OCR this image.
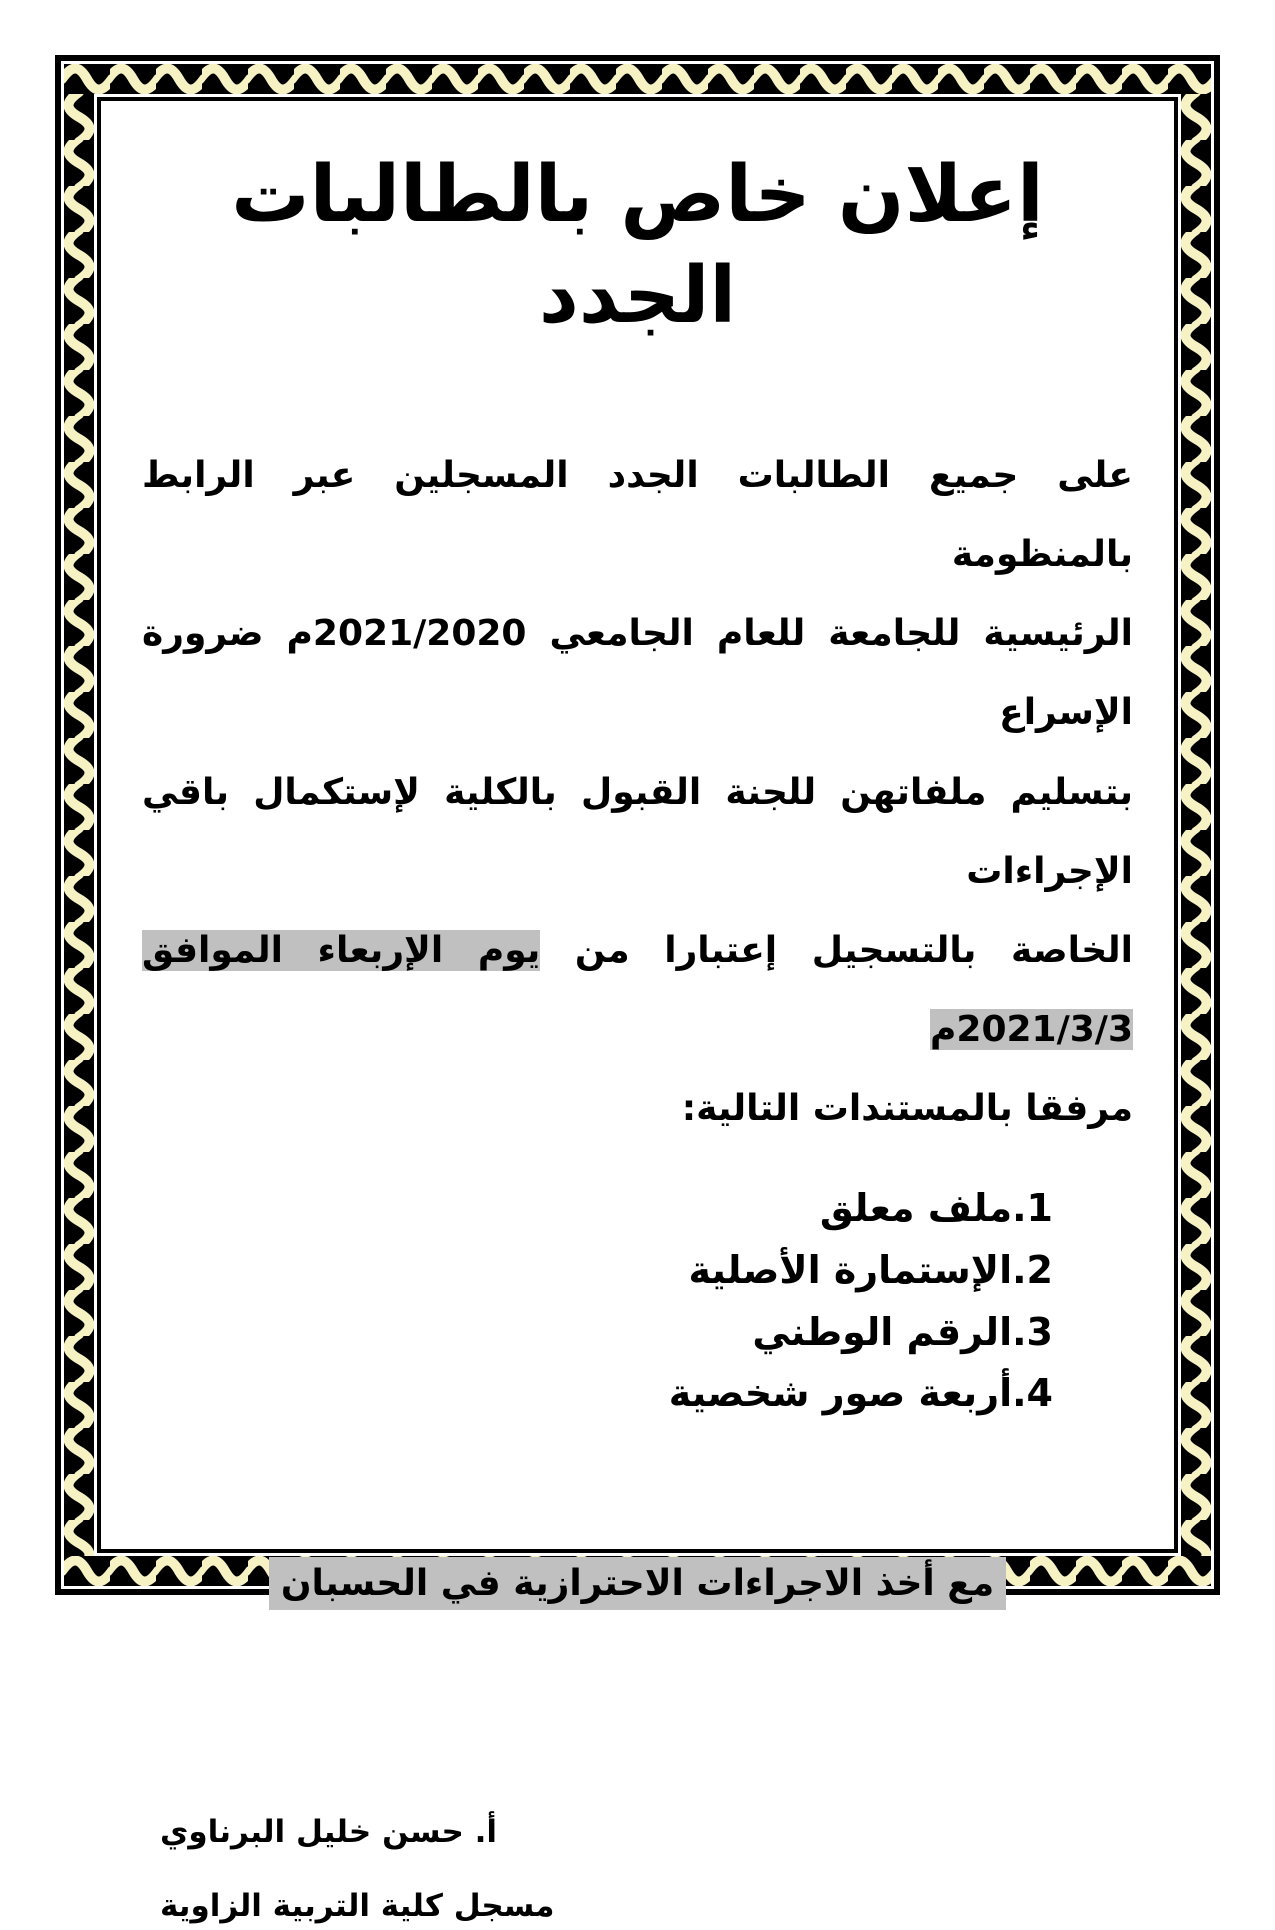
إعلان خاص بالطالبات الجدد
على جميع الطالبات الجدد المسجلين عبر الرابط بالمنظومة
الرئيسية للجامعة للعام الجامعي 2021/2020م ضرورة الإسراع
بتسليم ملفاتهن للجنة القبول بالكلية لإستكمال باقي الإجراءات
الخاصة بالتسجيل إعتبارا من يوم الإربعاء الموافق 2021/3/3م
مرفقا بالمستندات التالية:
1.ملف معلق
2.الإستمارة الأصلية
3.الرقم الوطني
4.أربعة صور شخصية
مع أخذ الاجراءات الاحترازية في الحسبان
أ. حسن خليل البرناوي
مسجل كلية التربية الزاوية
